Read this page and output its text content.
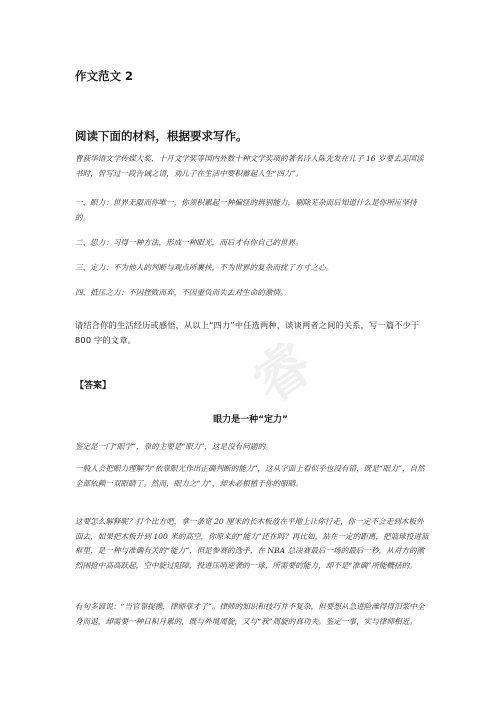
睿
作文范文 2
阅读下面的材料，根据要求写作。
曹荻华语文学传媒大奖、十月文学奖等国内外数十种文学奖项的著名诗人陈先发在儿子 16 岁要去美国读书时，曾写过一段告诫之语，劝儿子在生活中要积蓄起人生“四力”。
一、眼力：世界无限而你唯一，你须积累起一种偏怪的辨别能力，剔除芜杂而后知道什么是你所应坚持的。
二、思力：习得一种方法，形成一种眼光，而后才有你自己的世界。
三、定力：不为他人的判断与观点所裹挟，不为世界的复杂而扰了方寸之心。
四、抵压之力：不因挫败而弃，不因重负而失去对生命的激情。
请结合你的生活经历或感悟，从以上“四力”中任选两种，谈谈两者之间的关系，写一篇不少于 800 字的文章。
【答案】
眼力是一种“定力”
鉴定是一门“眼学”，靠的主要是“眼力”，这是没有问题的。
一般人会把眼力理解为“依靠眼光作出正确判断的能力”，这从字面上看似乎也没有错，既是“眼力”，自然全部依赖一双眼睛了。然而，眼力之“力”，却未必根植于你的眼睛。
这要怎么解释呢？打个比方吧，拿一条宽 20 厘米的长木板放在平地上让你行走，你一定不会走到木板外面去，如果把木板升到 100 米的高空，你原来的“能力”还在吗？再比如，站在一定的距离，把篮球投进篮框里，是一种与准确有关的“能力”，但是参赛的选手，在 NBA 总决赛最后一场的最后一秒，从对方的激烈围抢中高高跃起，空中旋过阻障，投进压哨逆袭的一球，所需要的能力，却不是“准确”所能概括的。
有句多谚说：“当官靠提携，律师靠才子”。律师的知识和技巧并不复杂，但要想从急进险滩得得泪浆中全身而退，却需要一种日积月累的，既与外境周旋，又与“我”周旋的真功夫。鉴定一事，实与律师相近。
